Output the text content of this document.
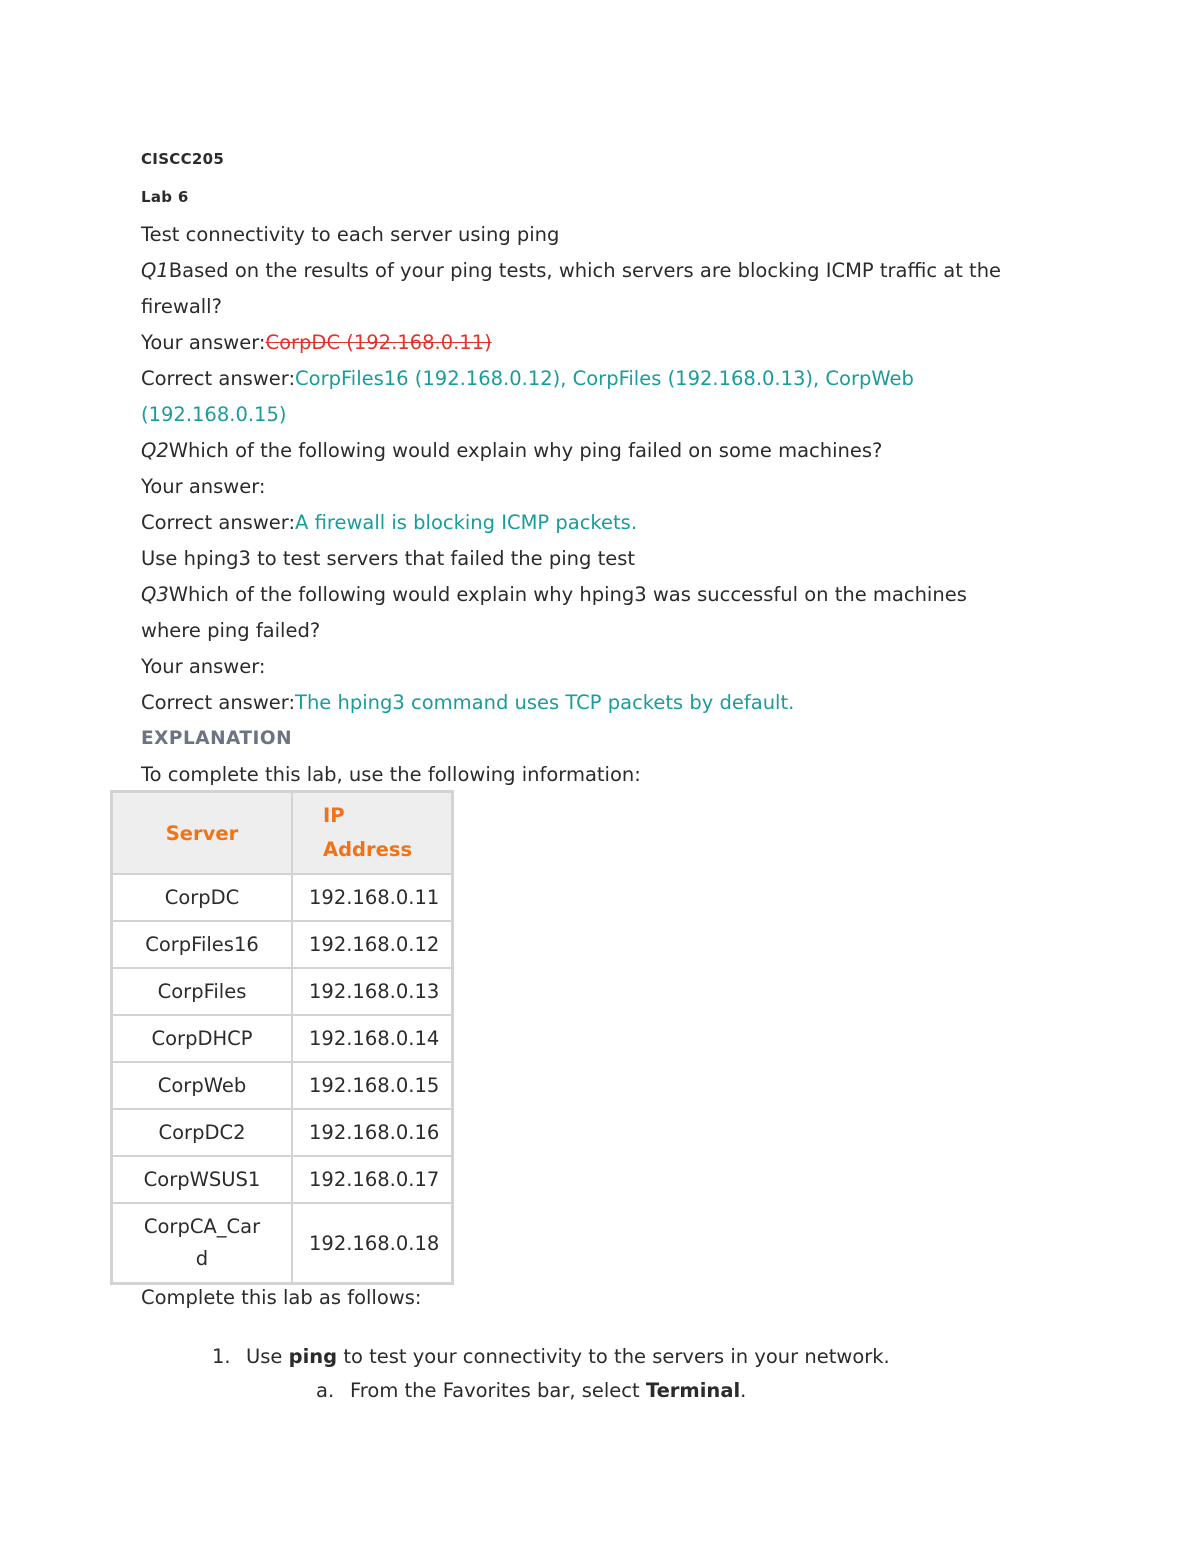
CISCC205
Lab 6
Test connectivity to each server using ping
Q1Based on the results of your ping tests, which servers are blocking ICMP traffic at the
firewall?
Your answer:CorpDC (192.168.0.11)
Correct answer:CorpFiles16 (192.168.0.12), CorpFiles (192.168.0.13), CorpWeb
(192.168.0.15)
Q2Which of the following would explain why ping failed on some machines?
Your answer:
Correct answer:A firewall is blocking ICMP packets.
Use hping3 to test servers that failed the ping test
Q3Which of the following would explain why hping3 was successful on the machines
where ping failed?
Your answer:
Correct answer:The hping3 command uses TCP packets by default.
EXPLANATION
To complete this lab, use the following information:
Server	IP
Address
CorpDC	192.168.0.11
CorpFiles16	192.168.0.12
CorpFiles	192.168.0.13
CorpDHCP	192.168.0.14
CorpWeb	192.168.0.15
CorpDC2	192.168.0.16
CorpWSUS1	192.168.0.17
CorpCA_Car
d	192.168.0.18
Complete this lab as follows:
1. Use ping to test your connectivity to the servers in your network.
a. From the Favorites bar, select Terminal.
